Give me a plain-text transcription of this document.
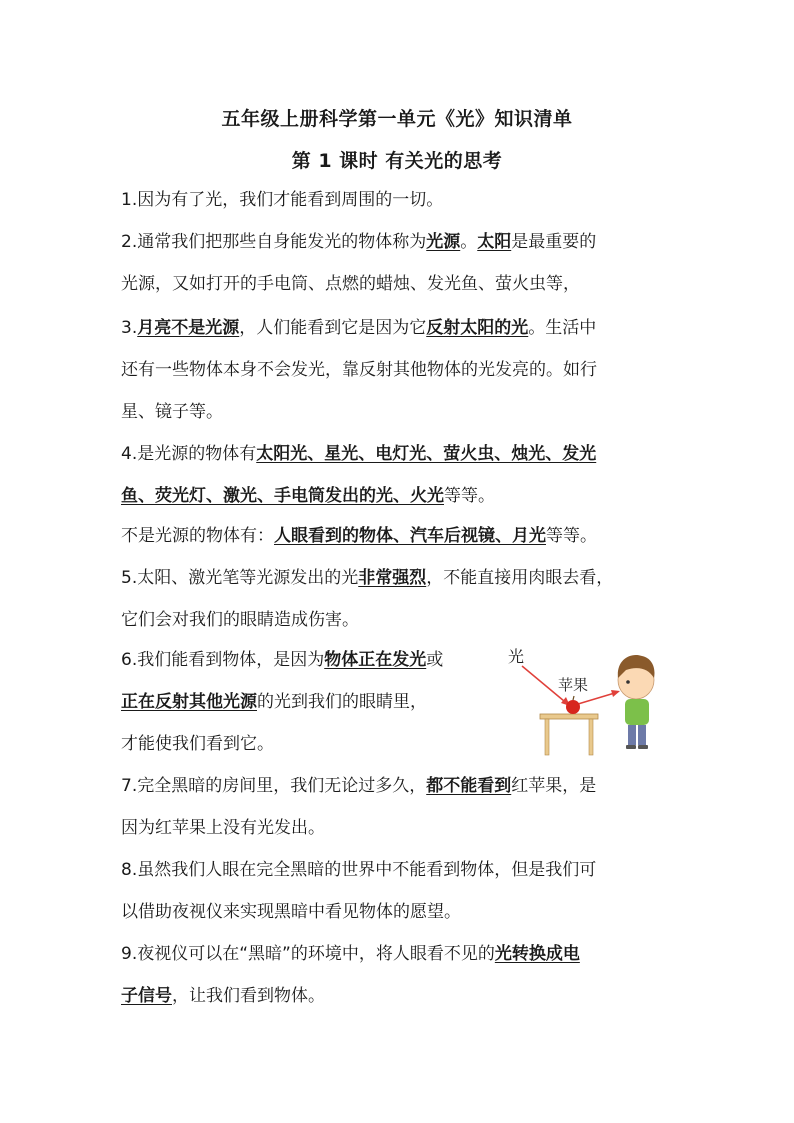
五年级上册科学第一单元《光》知识清单
第 1 课时 有关光的思考
1.因为有了光，我们才能看到周围的一切。
2.通常我们把那些自身能发光的物体称为光源。太阳是最重要的
光源，又如打开的手电筒、点燃的蜡烛、发光鱼、萤火虫等，
3.月亮不是光源，人们能看到它是因为它反射太阳的光。生活中
还有一些物体本身不会发光，靠反射其他物体的光发亮的。如行
星、镜子等。
4.是光源的物体有太阳光、星光、电灯光、萤火虫、烛光、发光
鱼、荧光灯、激光、手电筒发出的光、火光等等。
不是光源的物体有：人眼看到的物体、汽车后视镜、月光等等。
5.太阳、激光笔等光源发出的光非常强烈，不能直接用肉眼去看，
它们会对我们的眼睛造成伤害。
6.我们能看到物体，是因为物体正在发光或
正在反射其他光源的光到我们的眼睛里，
才能使我们看到它。
7.完全黑暗的房间里，我们无论过多久，都不能看到红苹果，是
因为红苹果上没有光发出。
8.虽然我们人眼在完全黑暗的世界中不能看到物体，但是我们可
以借助夜视仪来实现黑暗中看见物体的愿望。
9.夜视仪可以在“黑暗”的环境中，将人眼看不见的光转换成电
子信号，让我们看到物体。
光
苹果
